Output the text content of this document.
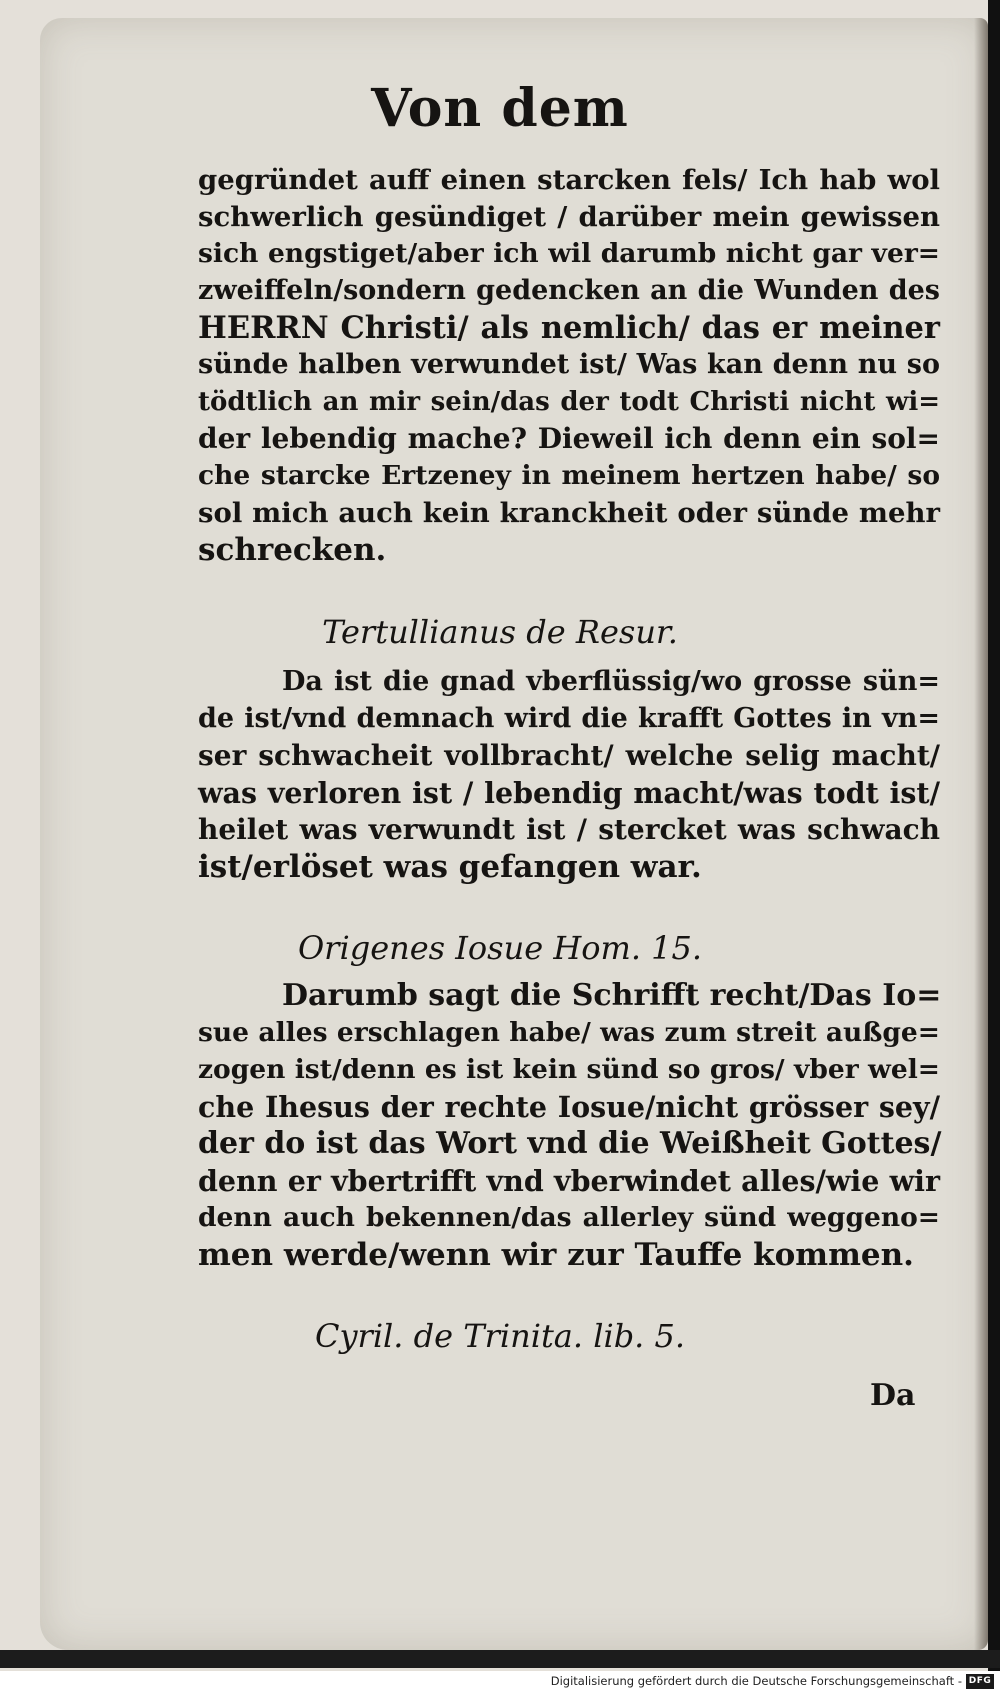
Von dem
gegründet auff einen starcken fels/ Ich hab wol
schwerlich gesündiget / darüber mein gewissen
sich engstiget/aber ich wil darumb nicht gar ver=
zweiffeln/sondern gedencken an die Wunden des
HERRN Christi/ als nemlich/ das er meiner
sünde halben verwundet ist/ Was kan denn nu so
tödtlich an mir sein/das der todt Christi nicht wi=
der lebendig mache? Dieweil ich denn ein sol=
che starcke Ertzeney in meinem hertzen habe/ so
sol mich auch kein kranckheit oder sünde mehr
schrecken.
Tertullianus de Resur.
Da ist die gnad vberflüssig/wo grosse sün=
de ist/vnd demnach wird die krafft Gottes in vn=
ser schwacheit vollbracht/ welche selig macht/
was verloren ist / lebendig macht/was todt ist/
heilet was verwundt ist / stercket was schwach
ist/erlöset was gefangen war.
Origenes Iosue Hom. 15.
Darumb sagt die Schrifft recht/Das Io=
sue alles erschlagen habe/ was zum streit außge=
zogen ist/denn es ist kein sünd so gros/ vber wel=
che Ihesus der rechte Iosue/nicht grösser sey/
der do ist das Wort vnd die Weißheit Gottes/
denn er vbertrifft vnd vberwindet alles/wie wir
denn auch bekennen/das allerley sünd weggeno=
men werde/wenn wir zur Tauffe kommen.
Cyril. de Trinita. lib. 5.
Da
Digitalisierung gefördert durch die Deutsche Forschungsgemeinschaft - DFG
